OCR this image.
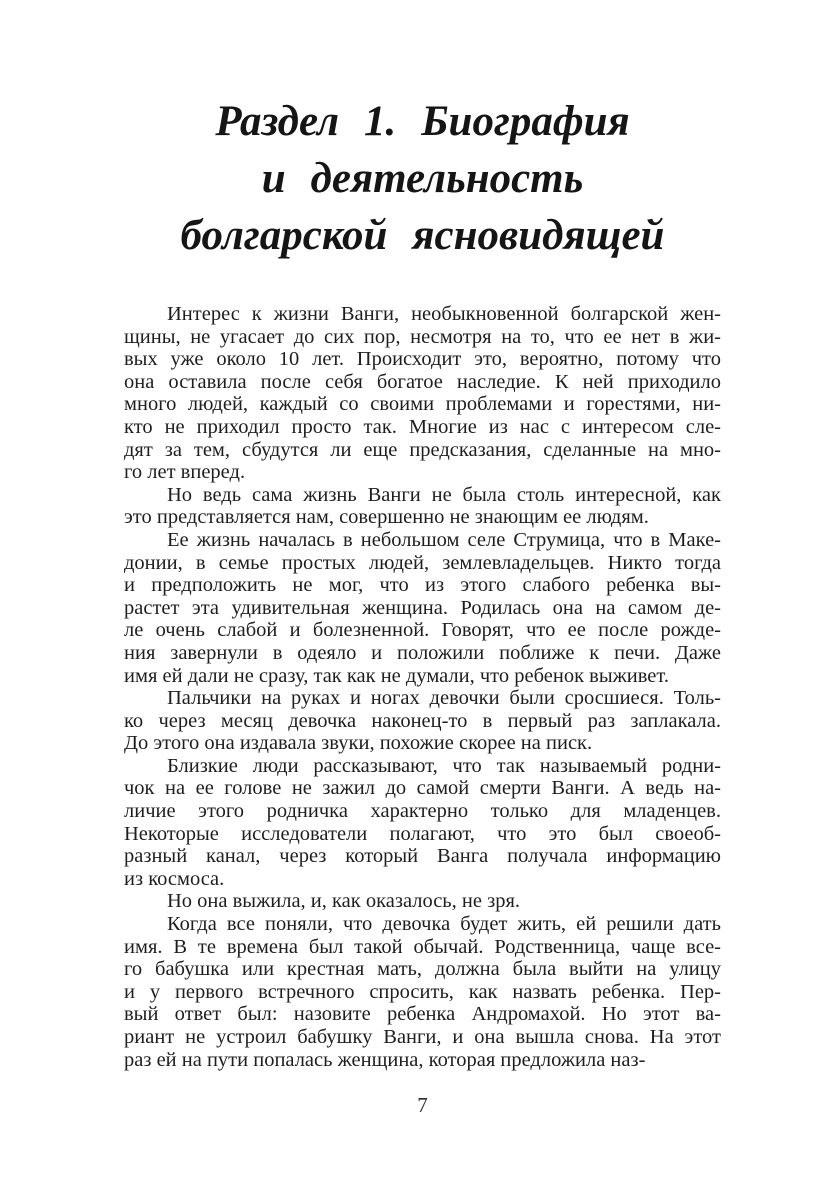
Раздел 1. Биография
и деятельность
болгарской ясновидящей

Интерес к жизни Ванги, необыкновенной болгарской жен-
щины, не угасает до сих пор, несмотря на то, что ее нет в жи-
вых уже около 10 лет. Происходит это, вероятно, потому что
она оставила после себя богатое наследие. К ней приходило
много людей, каждый со своими проблемами и горестями, ни-
кто не приходил просто так. Многие из нас с интересом сле-
дят за тем, сбудутся ли еще предсказания, сделанные на мно-
го лет вперед.

Но ведь сама жизнь Ванги не была столь интересной, как
это представляется нам, совершенно не знающим ее людям.

Ее жизнь началась в небольшом селе Струмица, что в Маке-
донии, в семье простых людей, землевладельцев. Никто тогда
и предположить не мог, что из этого слабого ребенка вы-
растет эта удивительная женщина. Родилась она на самом де-
ле очень слабой и болезненной. Говорят, что ее после рожде-
ния завернули в одеяло и положили поближе к печи. Даже
имя ей дали не сразу, так как не думали, что ребенок выживет.

Пальчики на руках и ногах девочки были сросшиеся. Толь-
ко через месяц девочка наконец-то в первый раз заплакала.
До этого она издавала звуки, похожие скорее на писк.

Близкие люди рассказывают, что так называемый родни-
чок на ее голове не зажил до самой смерти Ванги. А ведь на-
личие этого родничка характерно только для младенцев.
Некоторые исследователи полагают, что это был своеоб-
разный канал, через который Ванга получала информацию
из космоса.

Но она выжила, и, как оказалось, не зря.

Когда все поняли, что девочка будет жить, ей решили дать
имя. В те времена был такой обычай. Родственница, чаще все-
го бабушка или крестная мать, должна была выйти на улицу
и у первого встречного спросить, как назвать ребенка. Пер-
вый ответ был: назовите ребенка Андромахой. Но этот ва-
риант не устроил бабушку Ванги, и она вышла снова. На этот
раз ей на пути попалась женщина, которая предложила наз-

7
